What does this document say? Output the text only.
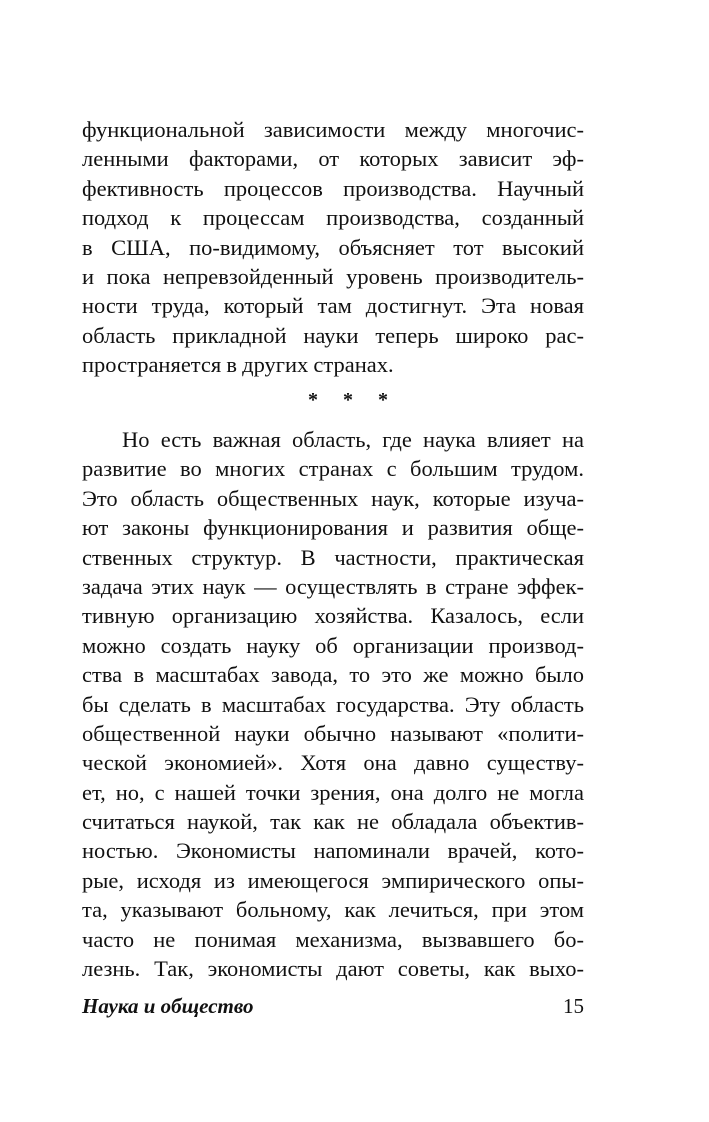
функциональной зависимости между многочис-
ленными факторами, от которых зависит эф-
фективность процессов производства. Научный
подход к процессам производства, созданный
в США, по-видимому, объясняет тот высокий
и пока непревзойденный уровень производитель-
ности труда, который там достигнут. Эта новая
область прикладной науки теперь широко рас-
пространяется в других странах.
* * *
Но есть важная область, где наука влияет на
развитие во многих странах с большим трудом.
Это область общественных наук, которые изуча-
ют законы функционирования и развития обще-
ственных структур. В частности, практическая
задача этих наук — осуществлять в стране эффек-
тивную организацию хозяйства. Казалось, если
можно создать науку об организации производ-
ства в масштабах завода, то это же можно было
бы сделать в масштабах государства. Эту область
общественной науки обычно называют «полити-
ческой экономией». Хотя она давно существу-
ет, но, с нашей точки зрения, она долго не могла
считаться наукой, так как не обладала объектив-
ностью. Экономисты напоминали врачей, кото-
рые, исходя из имеющегося эмпирического опы-
та, указывают больному, как лечиться, при этом
часто не понимая механизма, вызвавшего бо-
лезнь. Так, экономисты дают советы, как выхо-
Наука и общество	15
